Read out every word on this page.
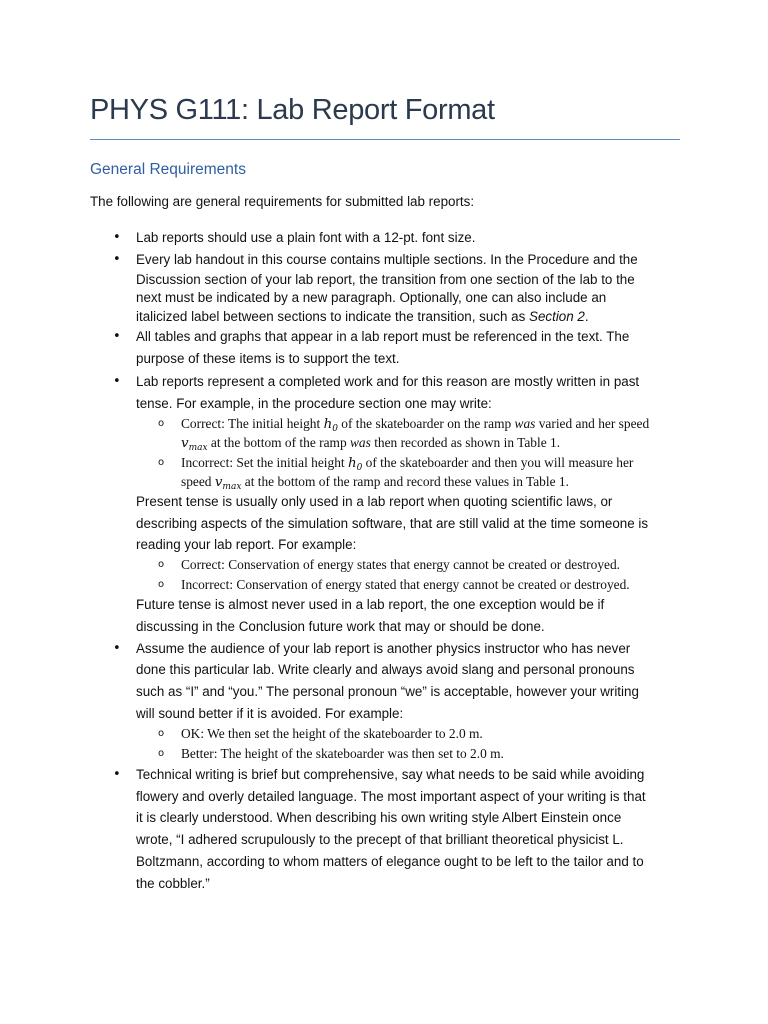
PHYS G111: Lab Report Format
General Requirements
The following are general requirements for submitted lab reports:
• Lab reports should use a plain font with a 12-pt. font size.
• Every lab handout in this course contains multiple sections. In the Procedure and the
Discussion section of your lab report, the transition from one section of the lab to the
next must be indicated by a new paragraph. Optionally, one can also include an
italicized label between sections to indicate the transition, such as Section 2.
• All tables and graphs that appear in a lab report must be referenced in the text. The
purpose of these items is to support the text.
• Lab reports represent a completed work and for this reason are mostly written in past
tense. For example, in the procedure section one may write:
o Correct: The initial height $h_0$ of the skateboarder on the ramp was varied and her speed
$v_{max}$ at the bottom of the ramp was then recorded as shown in Table 1.
o Incorrect: Set the initial height $h_0$ of the skateboarder and then you will measure her
speed $v_{max}$ at the bottom of the ramp and record these values in Table 1.
Present tense is usually only used in a lab report when quoting scientific laws, or
describing aspects of the simulation software, that are still valid at the time someone is
reading your lab report. For example:
o Correct: Conservation of energy states that energy cannot be created or destroyed.
o Incorrect: Conservation of energy stated that energy cannot be created or destroyed.
Future tense is almost never used in a lab report, the one exception would be if
discussing in the Conclusion future work that may or should be done.
• Assume the audience of your lab report is another physics instructor who has never
done this particular lab. Write clearly and always avoid slang and personal pronouns
such as “I” and “you.” The personal pronoun “we” is acceptable, however your writing
will sound better if it is avoided. For example:
o OK: We then set the height of the skateboarder to 2.0 m.
o Better: The height of the skateboarder was then set to 2.0 m.
• Technical writing is brief but comprehensive, say what needs to be said while avoiding
flowery and overly detailed language. The most important aspect of your writing is that
it is clearly understood. When describing his own writing style Albert Einstein once
wrote, “I adhered scrupulously to the precept of that brilliant theoretical physicist L.
Boltzmann, according to whom matters of elegance ought to be left to the tailor and to
the cobbler.”
